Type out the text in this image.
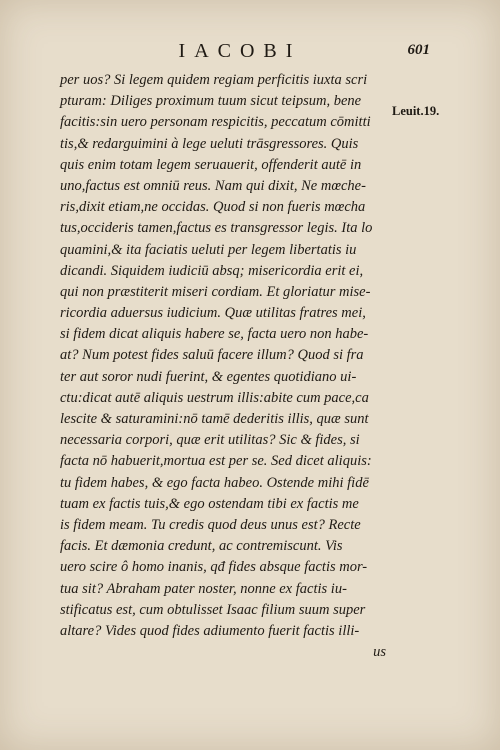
IACOBI	601
Leuit.19.
per uos? Si legem quidem regiam perficitis iuxta scri
pturam: Diliges proximum tuum sicut teipsum, bene
facitis:sin uero personam respicitis, peccatum cōmitti
tis,& redarguimini à lege ueluti trāsgressores. Quis
quis enim totam legem seruauerit, offenderit autē in
uno,factus est omniū reus. Nam qui dixit, Ne mœche-
ris,dixit etiam,ne occidas. Quod si non fueris mœcha
tus,occideris tamen,factus es transgressor legis. Ita lo
quamini,& ita faciatis ueluti per legem libertatis iu
dicandi. Siquidem iudiciū absq; misericordia erit ei,
qui non præstiterit miseri cordiam. Et gloriatur mise-
ricordia aduersus iudicium. Quæ utilitas fratres mei,
si fidem dicat aliquis habere se, facta uero non habe-
at? Num potest fides saluū facere illum? Quod si fra
ter aut soror nudi fuerint, & egentes quotidiano ui-
ctu:dicat autē aliquis uestrum illis:abite cum pace,ca
lescite & saturamini:nō tamē dederitis illis, quæ sunt
necessaria corpori, quæ erit utilitas? Sic & fides, si
facta nō habuerit,mortua est per se. Sed dicet aliquis:
tu fidem habes, & ego facta habeo. Ostende mihi fidē
tuam ex factis tuis,& ego ostendam tibi ex factis me
is fidem meam. Tu credis quod deus unus est? Recte
facis. Et dæmonia credunt, ac contremiscunt. Vis
uero scire ô homo inanis, qđ fides absque factis mor-
tua sit? Abraham pater noster, nonne ex factis iu-
stificatus est, cum obtulisset Isaac filium suum super
altare? Vides quod fides adiumento fuerit factis illi-
us
